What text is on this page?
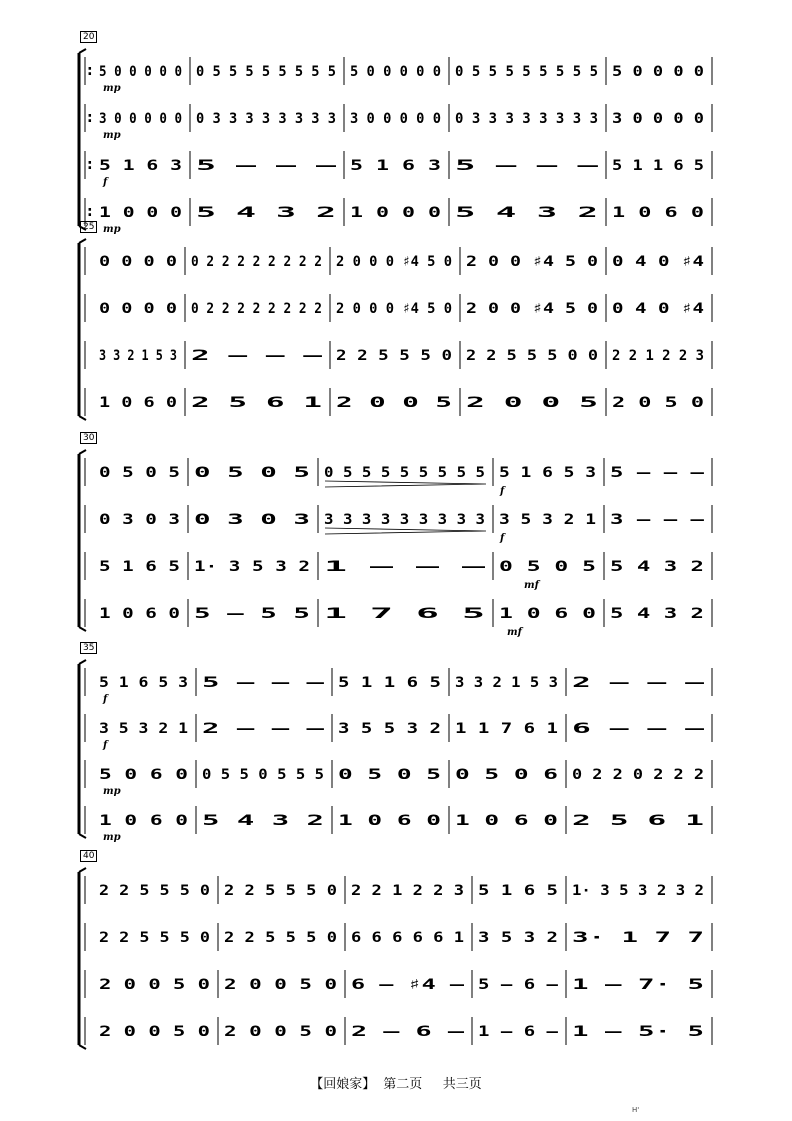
: 5 0 0 0 0 0 0 5 5 5 5 5 5 5 5 5 0 0 0 0 0 0 5 5 5 5 5 5 5 5 5 0 0 0 0
mp
: 3 0 0 0 0 0 0 3 3 3 3 3 3 3 3 3 0 0 0 0 0 0 3 3 3 3 3 3 3 3 3 0 0 0 0
mp
: 5 1 6 3 5 – – – 5 1 6 3 5 – – – 5 1 1 6 5
f
: 1 0 0 0 5 4 3 2 1 0 0 0 5 4 3 2 1 0 6 0
mp
0 0 0 0 0 2 2 2 2 2 2 2 2 2 0 0 0 ♯4 5 0 2 0 0 ♯4 5 0 0 4 0 ♯4
0 0 0 0 0 2 2 2 2 2 2 2 2 2 0 0 0 ♯4 5 0 2 0 0 ♯4 5 0 0 4 0 ♯4
3 3 2 1 5 3 2 – – – 2 2 5 5 5 0 2 2 5 5 5 0 0 2 2 1 2 2 3
1 0 6 0 2 5 6 1 2 0 0 5 2 0 0 5 2 0 5 0
0 5 0 5 0 5 0 5 0 5 5 5 5 5 5 5 5 5 1 6 5 3 5 – – –
0 3 0 3 0 3 0 3 3 3 3 3 3 3 3 3 3 3 5 3 2 1 3 – – –
5 1 6 5 1· 3 5 3 2 1 – – – 0 5 0 5 5 4 3 2
1 0 6 0 5 – 5 5 1 7 6 5 1 0 6 0 5 4 3 2
f
f
mf
mf
5 1 6 5 3 5 – – – 5 1 1 6 5 3 3 2 1 5 3 2 – – –
f
3 5 3 2 1 2 – – – 3 5 5 3 2 1 1 7 6 1 6 – – –
f
5 0 6 0 0 5 5 0 5 5 5 0 5 0 5 0 5 0 6 0 2 2 0 2 2 2
mp
1 0 6 0 5 4 3 2 1 0 6 0 1 0 6 0 2 5 6 1
mp
2 2 5 5 5 0 2 2 5 5 5 0 2 2 1 2 2 3 5 1 6 5 1· 3 5 3 2 3 2
2 2 5 5 5 0 2 2 5 5 5 0 6 6 6 6 6 1 3 5 3 2 3· 1 7 7
2 0 0 5 0 2 0 0 5 0 6 – ♯4 – 5 – 6 – 1 – 7· 5
2 0 0 5 0 2 0 0 5 0 2 – 6 – 1 – 6 – 1 – 5· 5
20
25
30
35
40
【回娘家】 第二页 共三页
H'
